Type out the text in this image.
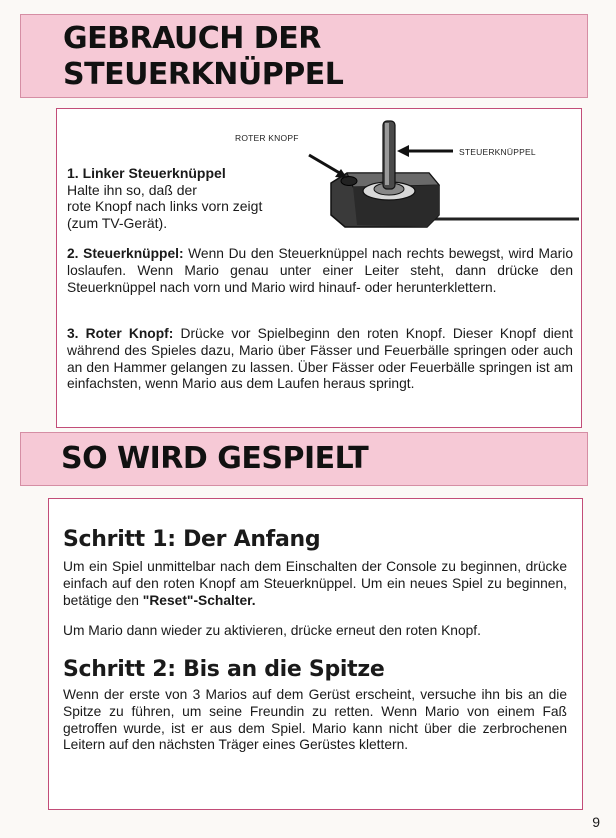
GEBRAUCH DER
STEUERKNÜPPEL
ROTER KNOPF
STEUERKNÜPPEL
1. Linker Steuerknüppel
Halte ihn so, daß der
rote Knopf nach links vorn zeigt
(zum TV-Gerät).

2. Steuerknüppel: Wenn Du den Steuerknüppel nach rechts bewegst, wird Mario loslaufen. Wenn Mario genau unter einer Leiter steht, dann drücke den Steuerknüppel nach vorn und Mario wird hinauf- oder herunterklettern.

3. Roter Knopf: Drücke vor Spielbeginn den roten Knopf. Dieser Knopf dient während des Spieles dazu, Mario über Fässer und Feuerbälle springen oder auch an den Hammer gelangen zu lassen. Über Fässer oder Feuerbälle springen ist am einfachsten, wenn Mario aus dem Laufen heraus springt.

SO WIRD GESPIELT
Schritt 1: Der Anfang

Um ein Spiel unmittelbar nach dem Einschalten der Console zu beginnen, drücke einfach auf den roten Knopf am Steuerknüppel. Um ein neues Spiel zu beginnen, betätige den "Reset"-Schalter.

Um Mario dann wieder zu aktivieren, drücke erneut den roten Knopf.

Schritt 2: Bis an die Spitze

Wenn der erste von 3 Marios auf dem Gerüst erscheint, versuche ihn bis an die Spitze zu führen, um seine Freundin zu retten. Wenn Mario von einem Faß getroffen wurde, ist er aus dem Spiel. Mario kann nicht über die zerbrochenen Leitern auf den nächsten Träger eines Gerüstes klettern.

9
